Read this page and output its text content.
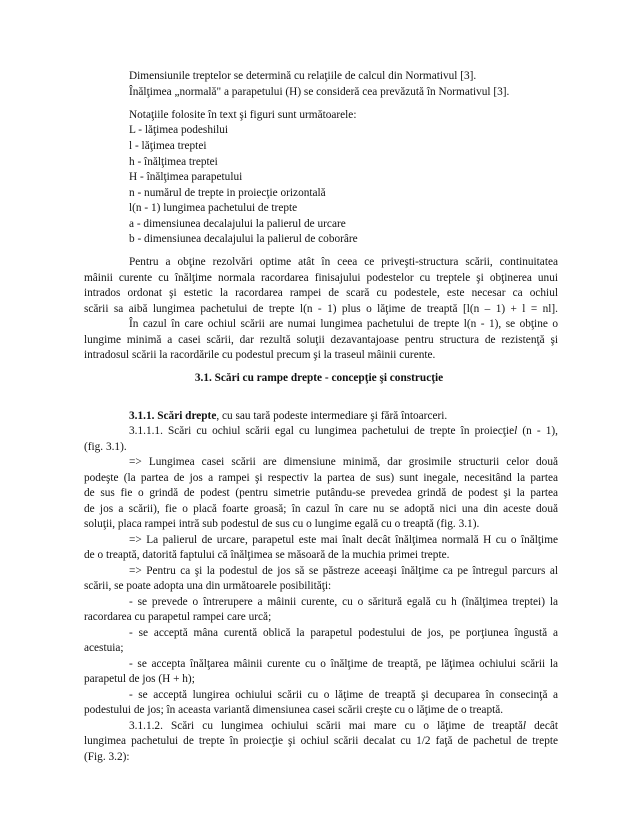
Dimensiunile treptelor se determină cu relaţiile de calcul din Normativul [3].
Înălţimea „normală" a parapetului (H) se consideră cea prevăzută în Normativul [3].
Notaţiile folosite în text şi figuri sunt următoarele:
L - lăţimea podeshilui
l - lăţimea treptei
h - înălţimea treptei
H - înălţimea parapetului
n - numărul de trepte in proiecţie orizontală
l(n - 1) lungimea pachetului de trepte
a - dimensiunea decalajului la palierul de urcare
b - dimensiunea decalajului la palierul de coborâre
Pentru a obţine rezolvări optime atât în ceea ce priveşti-structura scării, continuitatea
mâinii curente cu înălţime normala racordarea finisajului podestelor cu treptele şi obţinerea unui
intrados ordonat şi estetic la racordarea rampei de scară cu podestele, este necesar ca ochiul
scării sa aibă lungimea pachetului de trepte l(n - 1) plus o lăţime de treaptă [l(n – 1) + l = nl].
În cazul în care ochiul scării are numai lungimea pachetului de trepte l(n - 1), se obţine o
lungime minimă a casei scării, dar rezultă soluţii dezavantajoase pentru structura de rezistenţă şi
intradosul scării la racordările cu podestul precum şi la traseul mâinii curente.
3.1. Scări cu rampe drepte - concepţie şi construcţie
3.1.1. Scări drepte, cu sau tară podeste intermediare şi fără întoarceri.
3.1.1.1. Scări cu ochiul scării egal cu lungimea pachetului de trepte în proiecţiel (n - 1),
(fig. 3.1).
=> Lungimea casei scării are dimensiune minimă, dar grosimile structurii celor două
podeşte (la partea de jos a rampei şi respectiv la partea de sus) sunt inegale, necesitând la partea
de sus fie o grindă de podest (pentru simetrie putându-se prevedea grindă de podest şi la partea
de jos a scării), fie o placă foarte groasă; în cazul în care nu se adoptă nici una din aceste două
soluţii, placa rampei intră sub podestul de sus cu o lungime egală cu o treaptă (fig. 3.1).
=> La palierul de urcare, parapetul este mai înalt decât înălţimea normală H cu o înălţime
de o treaptă, datorită faptului că înălţimea se măsoară de la muchia primei trepte.
=> Pentru ca şi la podestul de jos să se păstreze aceeaşi înălţime ca pe întregul parcurs al
scării, se poate adopta una din următoarele posibilităţi:
- se prevede o întrerupere a mâinii curente, cu o săritură egală cu h (înălţimea treptei) la
racordarea cu parapetul rampei care urcă;
- se acceptă mâna curentă oblică la parapetul podestului de jos, pe porţiunea îngustă a
acestuia;
- se accepta înălţarea mâinii curente cu o înălţime de treaptă, pe lăţimea ochiului scării la
parapetul de jos (H + h);
- se acceptă lungirea ochiului scării cu o lăţime de treaptă şi decuparea în consecinţă a
podestului de jos; în aceasta variantă dimensiunea casei scării creşte cu o lăţime de o treaptă.
3.1.1.2. Scări cu lungimea ochiului scării mai mare cu o lăţime de treaptăl decât
lungimea pachetului de trepte în proiecţie şi ochiul scării decalat cu 1/2 faţă de pachetul de trepte
(Fig. 3.2):
